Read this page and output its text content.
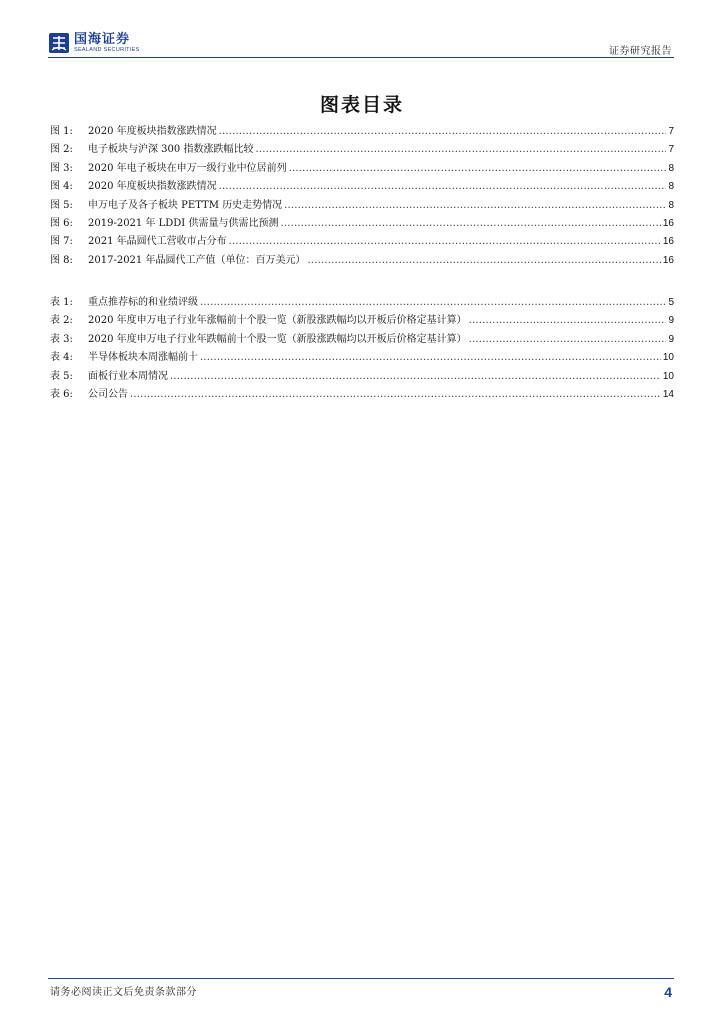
国海证券
SEALAND SECURITIES	证券研究报告
图表目录
图 1:	2020 年度板块指数涨跌情况 .....	7
图 2:	电子板块与沪深 300 指数涨跌幅比较 .....	7
图 3:	2020 年电子板块在申万一级行业中位居前列 .....	8
图 4:	2020 年度板块指数涨跌情况 .....	8
图 5:	申万电子及各子板块 PETTM 历史走势情况 .....	8
图 6:	2019-2021 年 LDDI 供需量与供需比预测 .....	16
图 7:	2021 年晶圆代工营收市占分布 .....	16
图 8:	2017-2021 年晶圆代工产值（单位：百万美元） .....	16
表 1:	重点推荐标的和业绩评级 .....	5
表 2:	2020 年度申万电子行业年涨幅前十个股一览（新股涨跌幅均以开板后价格定基计算） .....	9
表 3:	2020 年度申万电子行业年跌幅前十个股一览（新股涨跌幅均以开板后价格定基计算） .....	9
表 4:	半导体板块本周涨幅前十 .....	10
表 5:	面板行业本周情况 .....	10
表 6:	公司公告 .....	14
请务必阅读正文后免责条款部分	4
